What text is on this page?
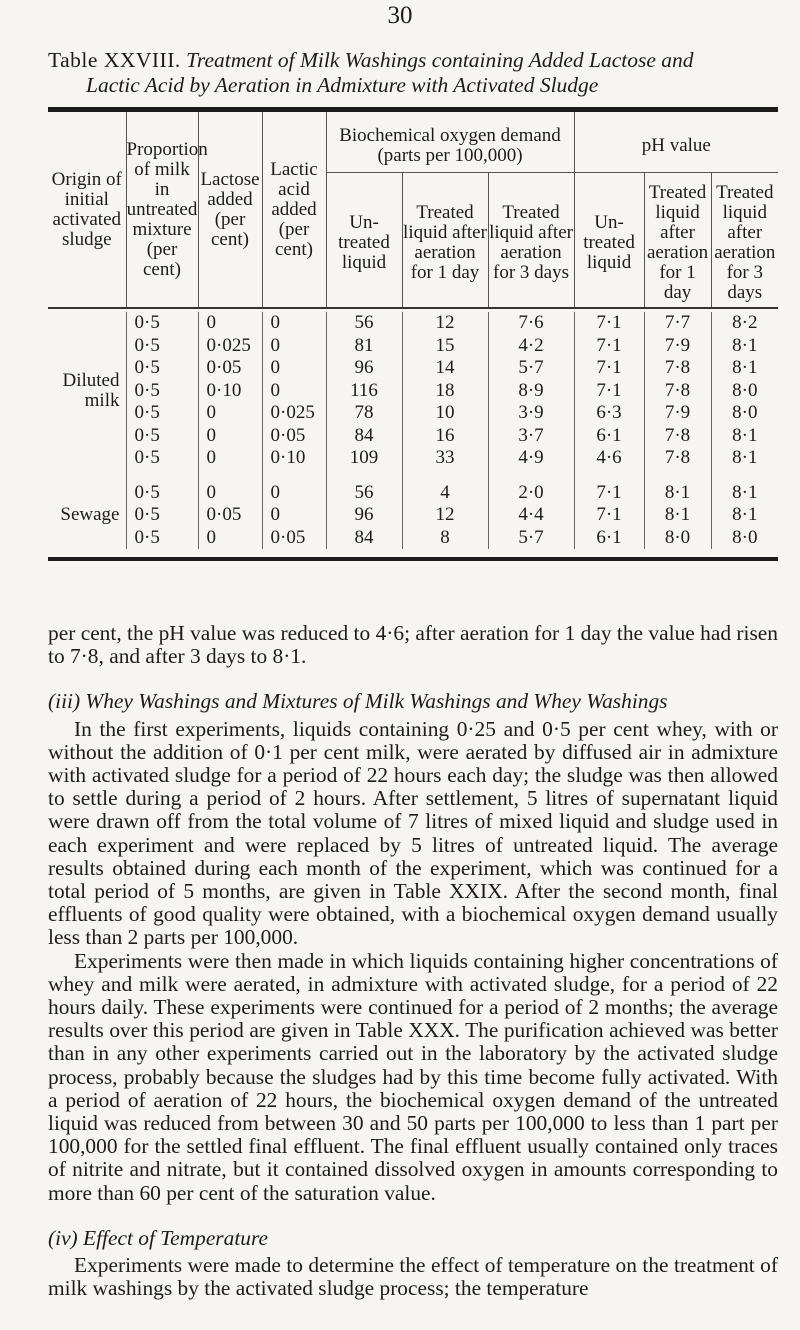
30
Table XXVIII. Treatment of Milk Washings containing Added Lactose and
Lactic Acid by Aeration in Admixture with Activated Sludge
Origin of initial activated sludge	Proportion of milk in untreated mixture (per cent)	Lactose added (per cent)	Lactic acid added (per cent)	Biochemical oxygen demand (parts per 100,000)			pH value		
				Un-treated liquid	Treated liquid after aeration for 1 day	Treated liquid after aeration for 3 days	Un-treated liquid	Treated liquid after aeration for 1 day	Treated liquid after aeration for 3 days

Diluted milk	0·5	0	0	56	12	7·6	7·1	7·7	8·2
	0·5	0·025	0	81	15	4·2	7·1	7·9	8·1
	0·5	0·05	0	96	14	5·7	7·1	7·8	8·1
	0·5	0·10	0	116	18	8·9	7·1	7·8	8·0
	0·5	0	0·025	78	10	3·9	6·3	7·9	8·0
	0·5	0	0·05	84	16	3·7	6·1	7·8	8·1
	0·5	0	0·10	109	33	4·9	4·6	7·8	8·1

Sewage	0·5	0	0	56	4	2·0	7·1	8·1	8·1
	0·5	0·05	0	96	12	4·4	7·1	8·1	8·1
	0·5	0	0·05	84	8	5·7	6·1	8·0	8·0

per cent, the pH value was reduced to 4·6; after aeration for 1 day the value had risen to 7·8, and after 3 days to 8·1.

(iii) Whey Washings and Mixtures of Milk Washings and Whey Washings

In the first experiments, liquids containing 0·25 and 0·5 per cent whey, with or without the addition of 0·1 per cent milk, were aerated by diffused air in admixture with activated sludge for a period of 22 hours each day; the sludge was then allowed to settle during a period of 2 hours. After settlement, 5 litres of supernatant liquid were drawn off from the total volume of 7 litres of mixed liquid and sludge used in each experiment and were replaced by 5 litres of untreated liquid. The average results obtained during each month of the experiment, which was continued for a total period of 5 months, are given in Table XXIX. After the second month, final effluents of good quality were obtained, with a biochemical oxygen demand usually less than 2 parts per 100,000.

Experiments were then made in which liquids containing higher concentrations of whey and milk were aerated, in admixture with activated sludge, for a period of 22 hours daily. These experiments were continued for a period of 2 months; the average results over this period are given in Table XXX. The purification achieved was better than in any other experiments carried out in the laboratory by the activated sludge process, probably because the sludges had by this time become fully activated. With a period of aeration of 22 hours, the biochemical oxygen demand of the untreated liquid was reduced from between 30 and 50 parts per 100,000 to less than 1 part per 100,000 for the settled final effluent. The final effluent usually contained only traces of nitrite and nitrate, but it contained dissolved oxygen in amounts corresponding to more than 60 per cent of the saturation value.

(iv) Effect of Temperature

Experiments were made to determine the effect of temperature on the treatment of milk washings by the activated sludge process; the temperature
